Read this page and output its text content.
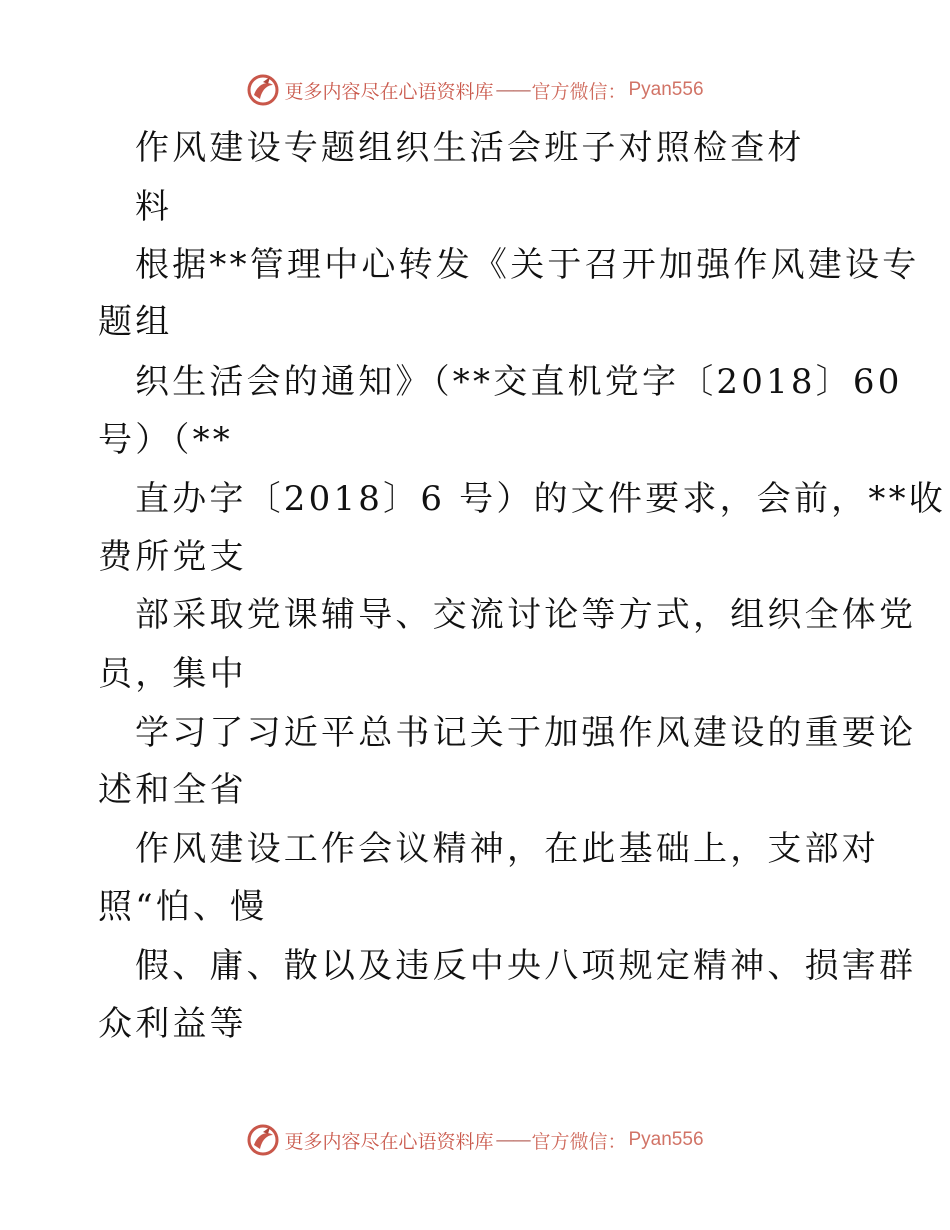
更多内容尽在心语资料库 —— 官方微信： Pyan556
作风建设专题组织生活会班子对照检查材
料
根据**管理中心转发《关于召开加强作风建设专
题组
织生活会的通知》（**交直机党字〔2018〕60
号）（**
直办字〔2018〕6 号）的文件要求，会前，**收
费所党支
部采取党课辅导、交流讨论等方式，组织全体党
员，集中
学习了习近平总书记关于加强作风建设的重要论
述和全省
作风建设工作会议精神，在此基础上，支部对
照“怕、慢
假、庸、散以及违反中央八项规定精神、损害群
众利益等
更多内容尽在心语资料库 —— 官方微信： Pyan556
